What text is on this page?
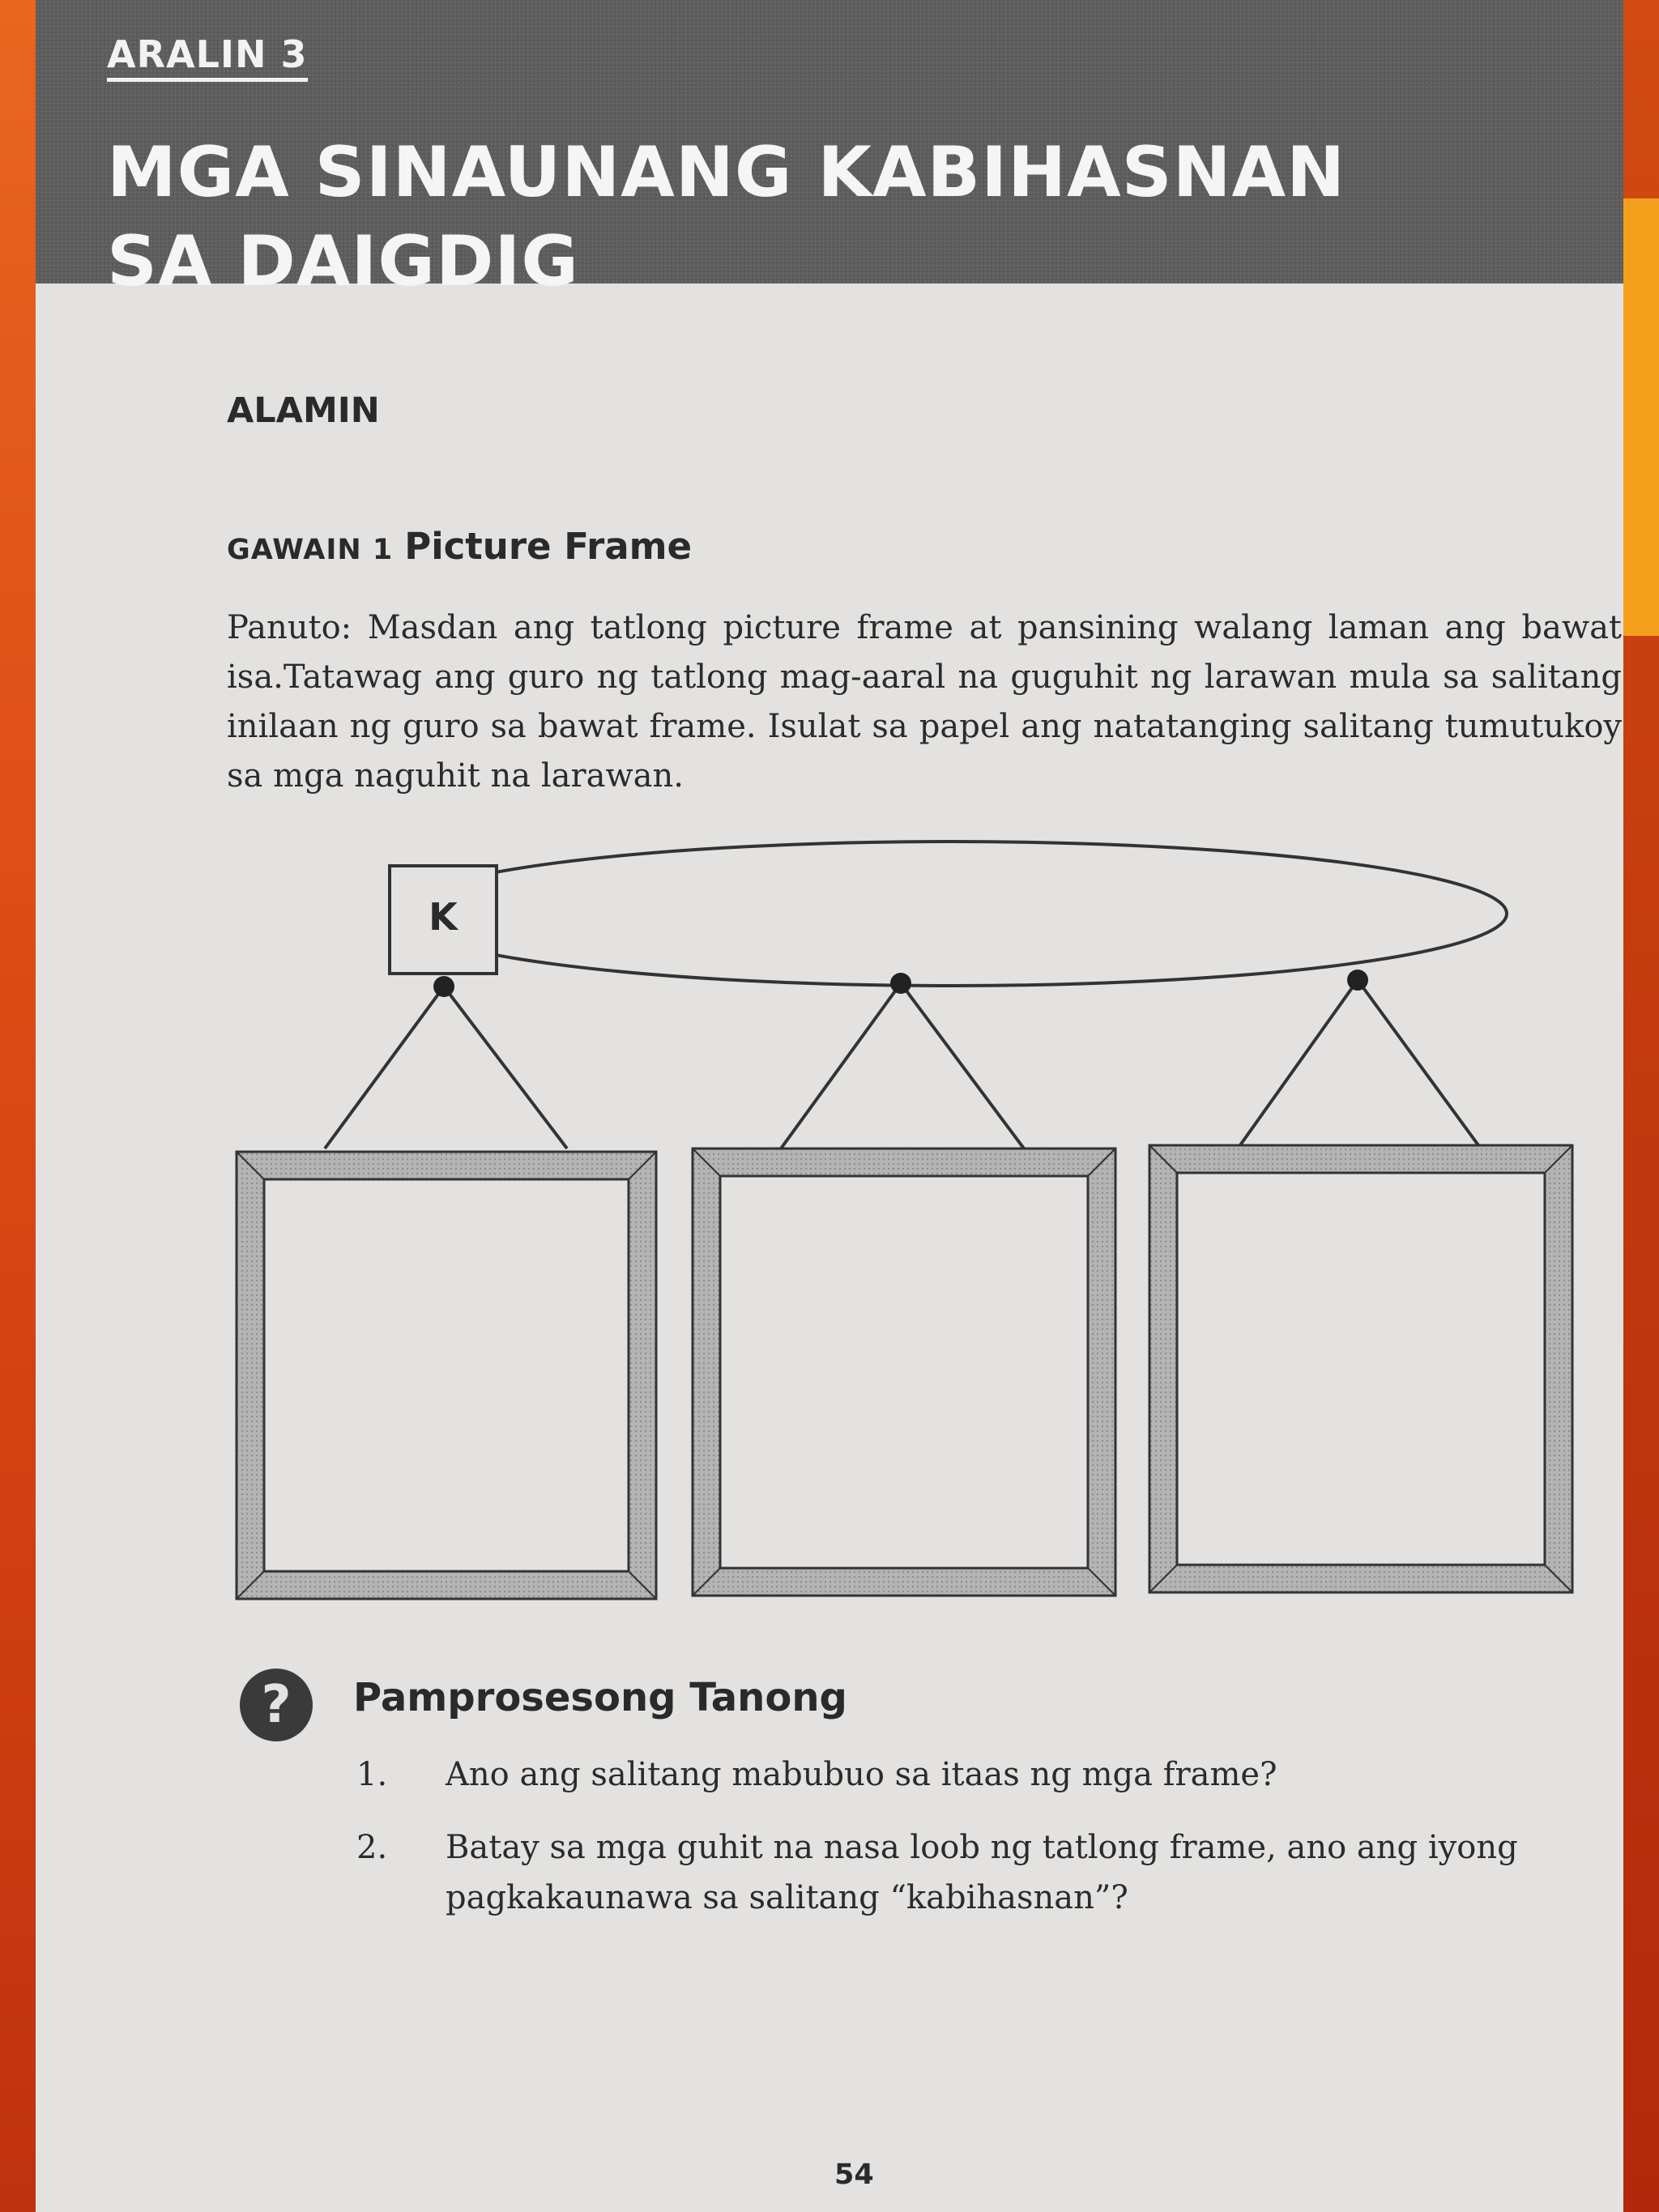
ARALIN 3
MGA SINAUNANG KABIHASNAN
SA DAIGDIG
ALAMIN
GAWAIN 1 Picture Frame
Panuto: Masdan ang tatlong picture frame at pansining walang laman ang bawat isa.Tatawag ang guro ng tatlong mag-aaral na guguhit ng larawan mula sa salitang inilaan ng guro sa bawat frame. Isulat sa papel ang natatanging salitang tumutukoy sa mga naguhit na larawan.
K
?	Pamprosesong Tanong
1. Ano ang salitang mabubuo sa itaas ng mga frame?
2. Batay sa mga guhit na nasa loob ng tatlong frame, ano ang iyong pagkakaunawa sa salitang “kabihasnan”?
54
